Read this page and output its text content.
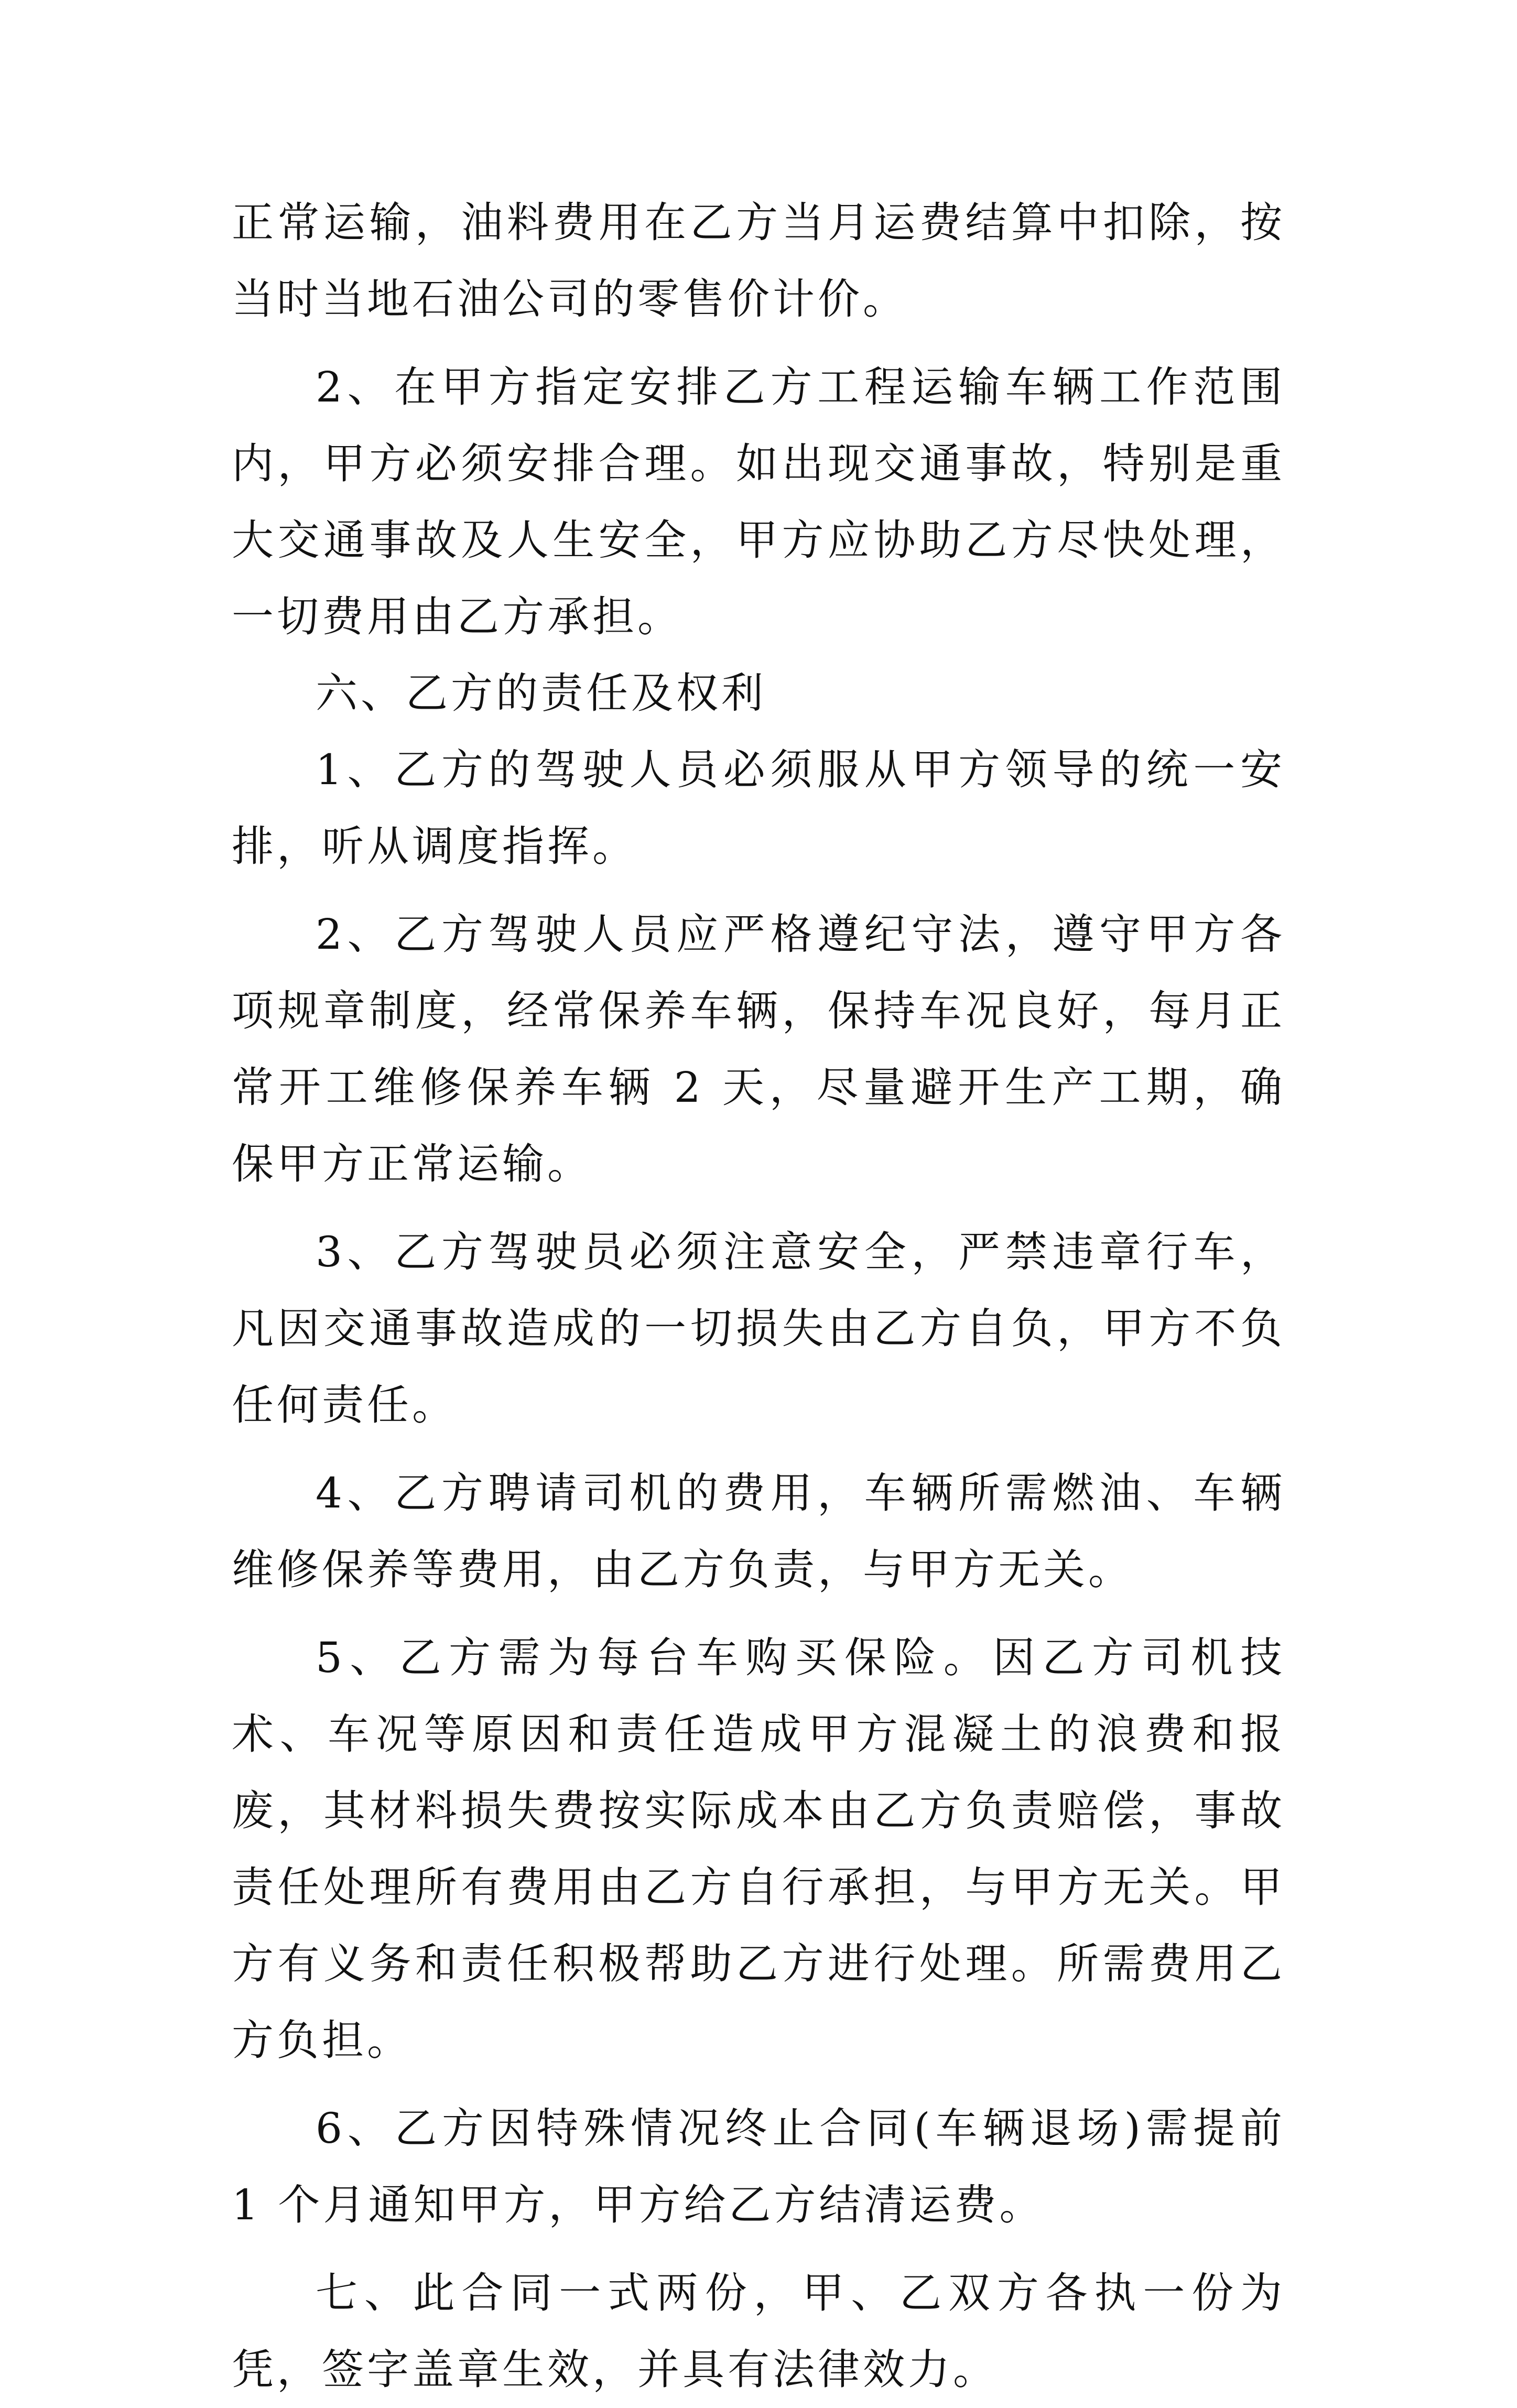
正常运输，油料费用在乙方当月运费结算中扣除，按当时当地石油公司的零售价计价。

2、在甲方指定安排乙方工程运输车辆工作范围内，甲方必须安排合理。如出现交通事故，特别是重大交通事故及人生安全，甲方应协助乙方尽快处理，一切费用由乙方承担。

六、乙方的责任及权利

1、乙方的驾驶人员必须服从甲方领导的统一安排，听从调度指挥。

2、乙方驾驶人员应严格遵纪守法，遵守甲方各项规章制度，经常保养车辆，保持车况良好，每月正常开工维修保养车辆 2 天，尽量避开生产工期，确保甲方正常运输。

3、乙方驾驶员必须注意安全，严禁违章行车，凡因交通事故造成的一切损失由乙方自负，甲方不负任何责任。

4、乙方聘请司机的费用，车辆所需燃油、车辆维修保养等费用，由乙方负责，与甲方无关。

5、乙方需为每台车购买保险。因乙方司机技术、车况等原因和责任造成甲方混凝土的浪费和报废，其材料损失费按实际成本由乙方负责赔偿，事故责任处理所有费用由乙方自行承担，与甲方无关。甲方有义务和责任积极帮助乙方进行处理。所需费用乙方负担。

6、乙方因特殊情况终止合同(车辆退场)需提前 1 个月通知甲方，甲方给乙方结清运费。

七、此合同一式两份，甲、乙双方各执一份为凭，签字盖章生效，并具有法律效力。
